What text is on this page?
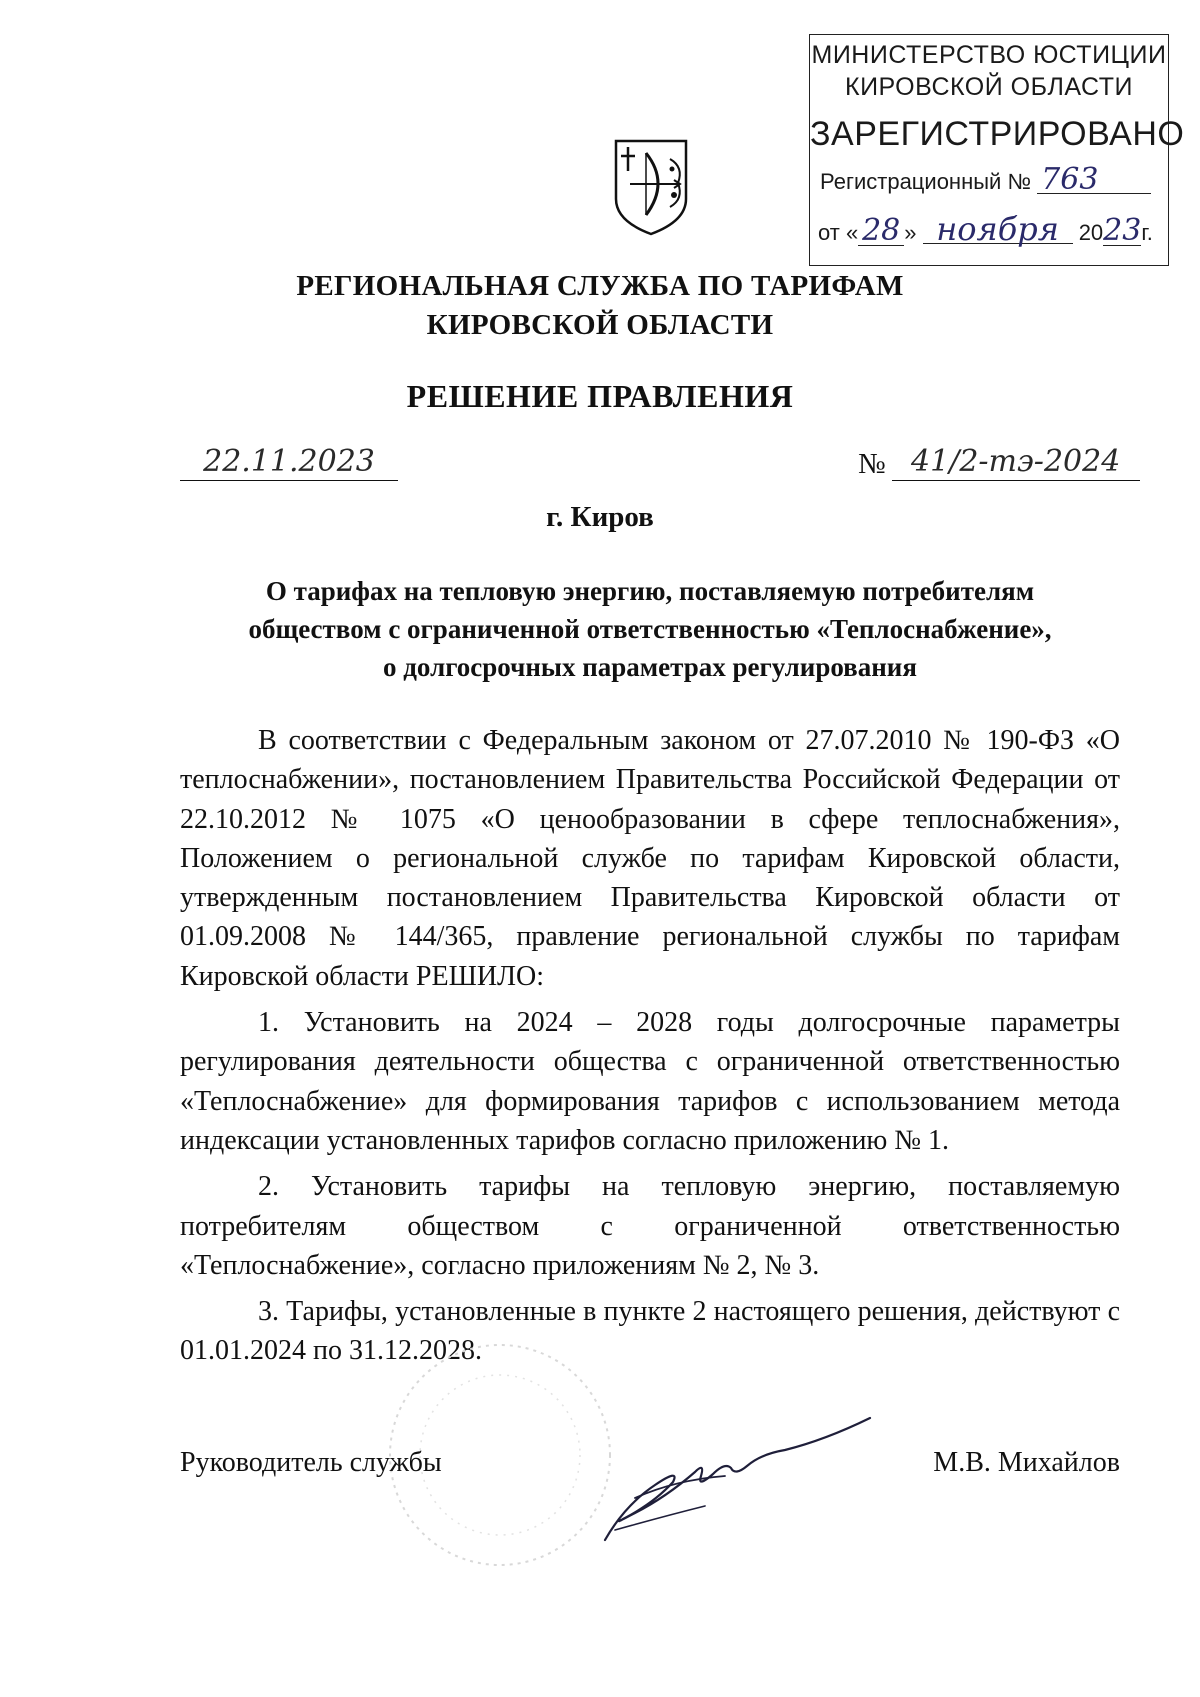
МИНИСТЕРСТВО ЮСТИЦИИ
КИРОВСКОЙ ОБЛАСТИ
ЗАРЕГИСТРИРОВАНО
Регистрационный № 763
от « 28 » ноября 2023г.
РЕГИОНАЛЬНАЯ СЛУЖБА ПО ТАРИФАМ
КИРОВСКОЙ ОБЛАСТИ
РЕШЕНИЕ ПРАВЛЕНИЯ
22.11.2023	№ 41/2-тэ-2024
г. Киров
О тарифах на тепловую энергию, поставляемую потребителям
обществом с ограниченной ответственностью «Теплоснабжение»,
о долгосрочных параметрах регулирования

В соответствии с Федеральным законом от 27.07.2010 № 190-ФЗ «О теплоснабжении», постановлением Правительства Российской Федерации от 22.10.2012 № 1075 «О ценообразовании в сфере теплоснабжения», Положением о региональной службе по тарифам Кировской области, утвержденным постановлением Правительства Кировской области от 01.09.2008 № 144/365, правление региональной службы по тарифам Кировской области РЕШИЛО:

1. Установить на 2024 – 2028 годы долгосрочные параметры регулирования деятельности общества с ограниченной ответственностью «Теплоснабжение» для формирования тарифов с использованием метода индексации установленных тарифов согласно приложению № 1.

2. Установить тарифы на тепловую энергию, поставляемую потребителям обществом с ограниченной ответственностью «Теплоснабжение», согласно приложениям № 2, № 3.

3. Тарифы, установленные в пункте 2 настоящего решения, действуют с 01.01.2024 по 31.12.2028.

Руководитель службы	М.В. Михайлов
